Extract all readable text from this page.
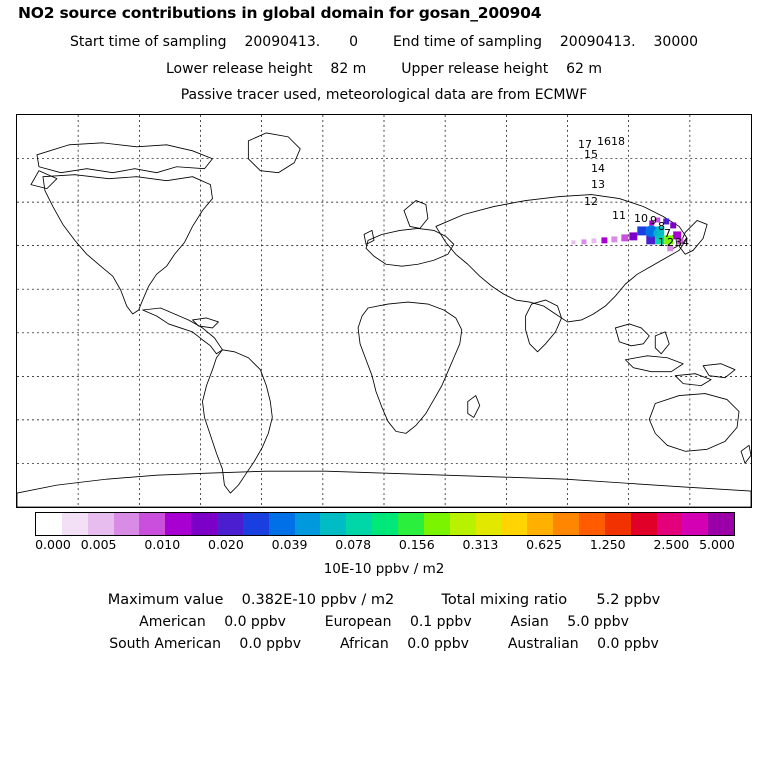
NO2 source contributions in global domain for gosan_200904
Start time of sampling 20090413. 0 End time of sampling 20090413. 30000
Lower release height 82 m Upper release height 62 m
Passive tracer used, meteorological data are from ECMWF
17 16 18
15
14
13
12
11 10 9 8
7
1 2 3 4
0.000 0.005 0.010 0.020 0.039 0.078 0.156 0.313 0.625 1.250 2.500 5.000
10E-10 ppbv / m2
Maximum value 0.382E-10 ppbv / m2	Total mixing ratio 5.2 ppbv
American 0.0 ppbv	European 0.1 ppbv	Asian 5.0 ppbv
South American 0.0 ppbv	African 0.0 ppbv	Australian 0.0 ppbv
